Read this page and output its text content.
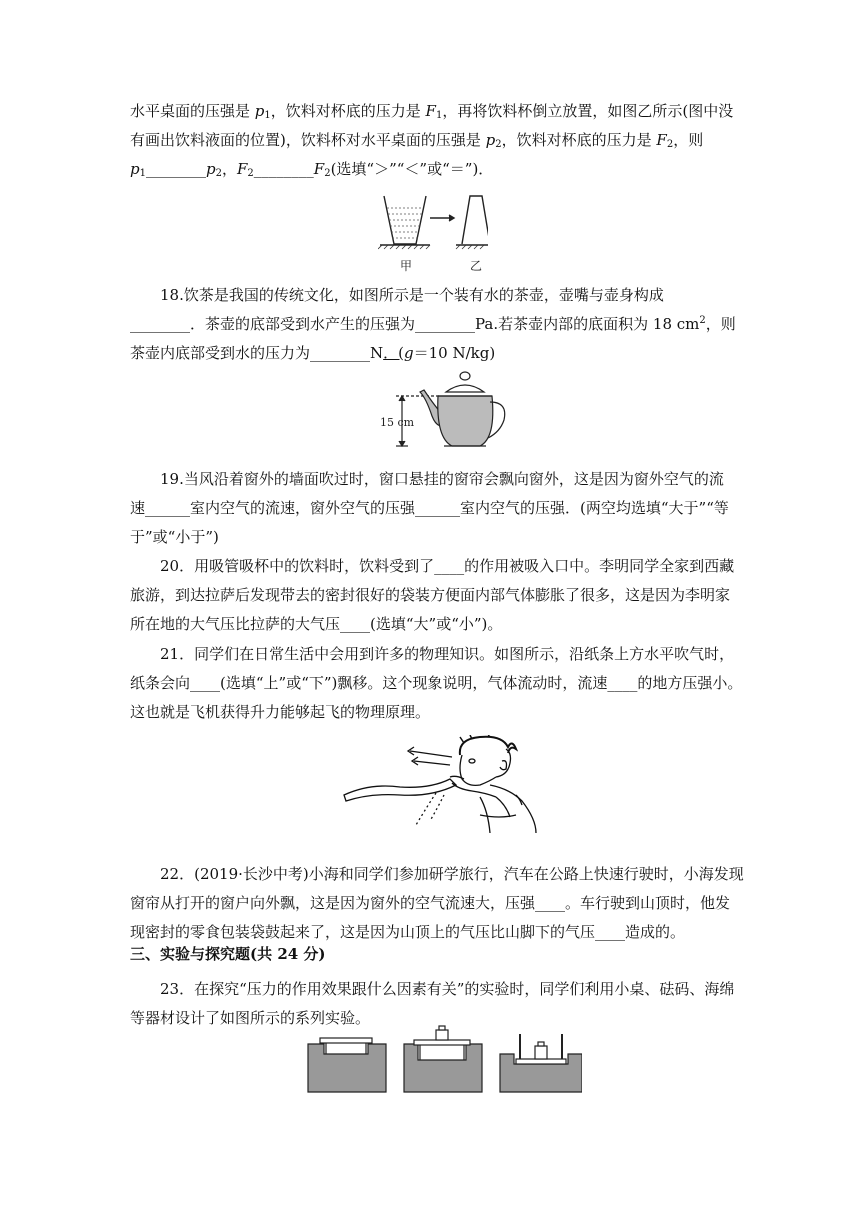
水平桌面的压强是 $p_1$，饮料对杯底的压力是 $F_1$，再将饮料杯倒立放置，如图乙所示(图中没
有画出饮料液面的位置)，饮料杯对水平桌面的压强是 $p_2$，饮料对杯底的压力是 $F_2$，则
$p_1\_\_\_\_\_\_\_\_p_2$，$F_2\_\_\_\_\_\_\_\_F_2$(选填“＞”“＜”或“＝”)．
甲	乙
18.饮茶是我国的传统文化，如图所示是一个装有水的茶壶，壶嘴与壶身构成
________．茶壶的底部受到水产生的压强为________Pa.若茶壶内部的底面积为 18 $cm^2$，则
茶壶内底部受到水的压力为________N．(g＝10 N/kg)
15 cm
19.当风沿着窗外的墙面吹过时，窗口悬挂的窗帘会飘向窗外，这是因为窗外空气的流
速______室内空气的流速，窗外空气的压强______室内空气的压强．(两空均选填“大于”“等
于”或“小于”)
20．用吸管吸杯中的饮料时，饮料受到了____的作用被吸入口中。李明同学全家到西藏
旅游，到达拉萨后发现带去的密封很好的袋装方便面内部气体膨胀了很多，这是因为李明家
所在地的大气压比拉萨的大气压____(选填“大”或“小”)。
21．同学们在日常生活中会用到许多的物理知识。如图所示，沿纸条上方水平吹气时，
纸条会向____(选填“上”或“下”)飘移。这个现象说明，气体流动时，流速____的地方压强小。
这也就是飞机获得升力能够起飞的物理原理。
22．(2019·长沙中考)小海和同学们参加研学旅行，汽车在公路上快速行驶时，小海发现
窗帘从打开的窗户向外飘，这是因为窗外的空气流速大，压强____。车行驶到山顶时，他发
现密封的零食包装袋鼓起来了，这是因为山顶上的气压比山脚下的气压____造成的。
三、实验与探究题(共 24 分)
23．在探究“压力的作用效果跟什么因素有关”的实验时，同学们利用小桌、砝码、海绵
等器材设计了如图所示的系列实验。
